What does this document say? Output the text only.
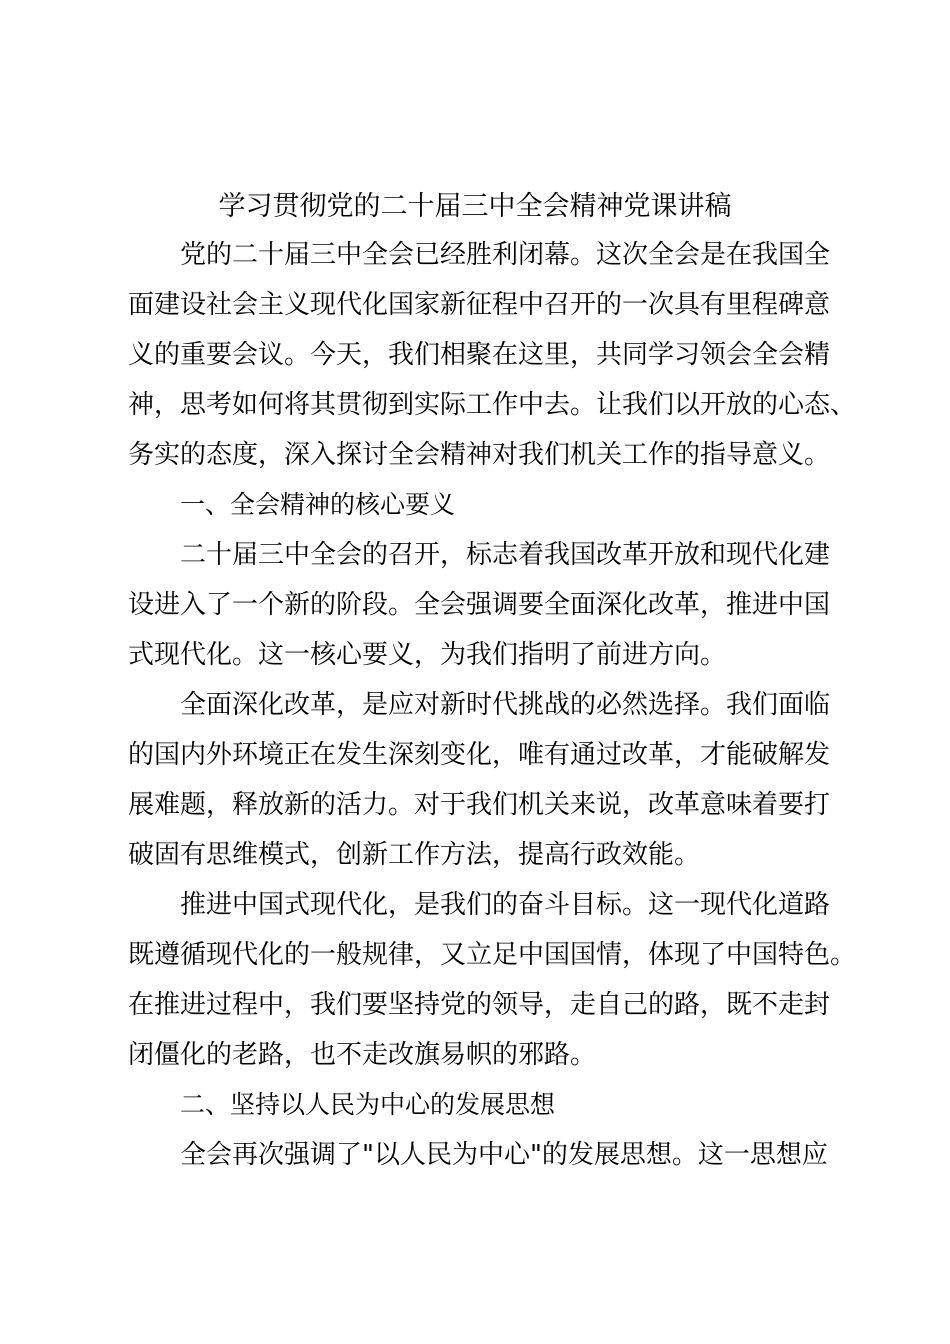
学习贯彻党的二十届三中全会精神党课讲稿
党的二十届三中全会已经胜利闭幕。这次全会是在我国全
面建设社会主义现代化国家新征程中召开的一次具有里程碑意
义的重要会议。今天，我们相聚在这里，共同学习领会全会精
神，思考如何将其贯彻到实际工作中去。让我们以开放的心态、
务实的态度，深入探讨全会精神对我们机关工作的指导意义。
一、全会精神的核心要义
二十届三中全会的召开，标志着我国改革开放和现代化建
设进入了一个新的阶段。全会强调要全面深化改革，推进中国
式现代化。这一核心要义，为我们指明了前进方向。
全面深化改革，是应对新时代挑战的必然选择。我们面临
的国内外环境正在发生深刻变化，唯有通过改革，才能破解发
展难题，释放新的活力。对于我们机关来说，改革意味着要打
破固有思维模式，创新工作方法，提高行政效能。
推进中国式现代化，是我们的奋斗目标。这一现代化道路
既遵循现代化的一般规律，又立足中国国情，体现了中国特色。
在推进过程中，我们要坚持党的领导，走自己的路，既不走封
闭僵化的老路，也不走改旗易帜的邪路。
二、坚持以人民为中心的发展思想
全会再次强调了"以人民为中心"的发展思想。这一思想应
